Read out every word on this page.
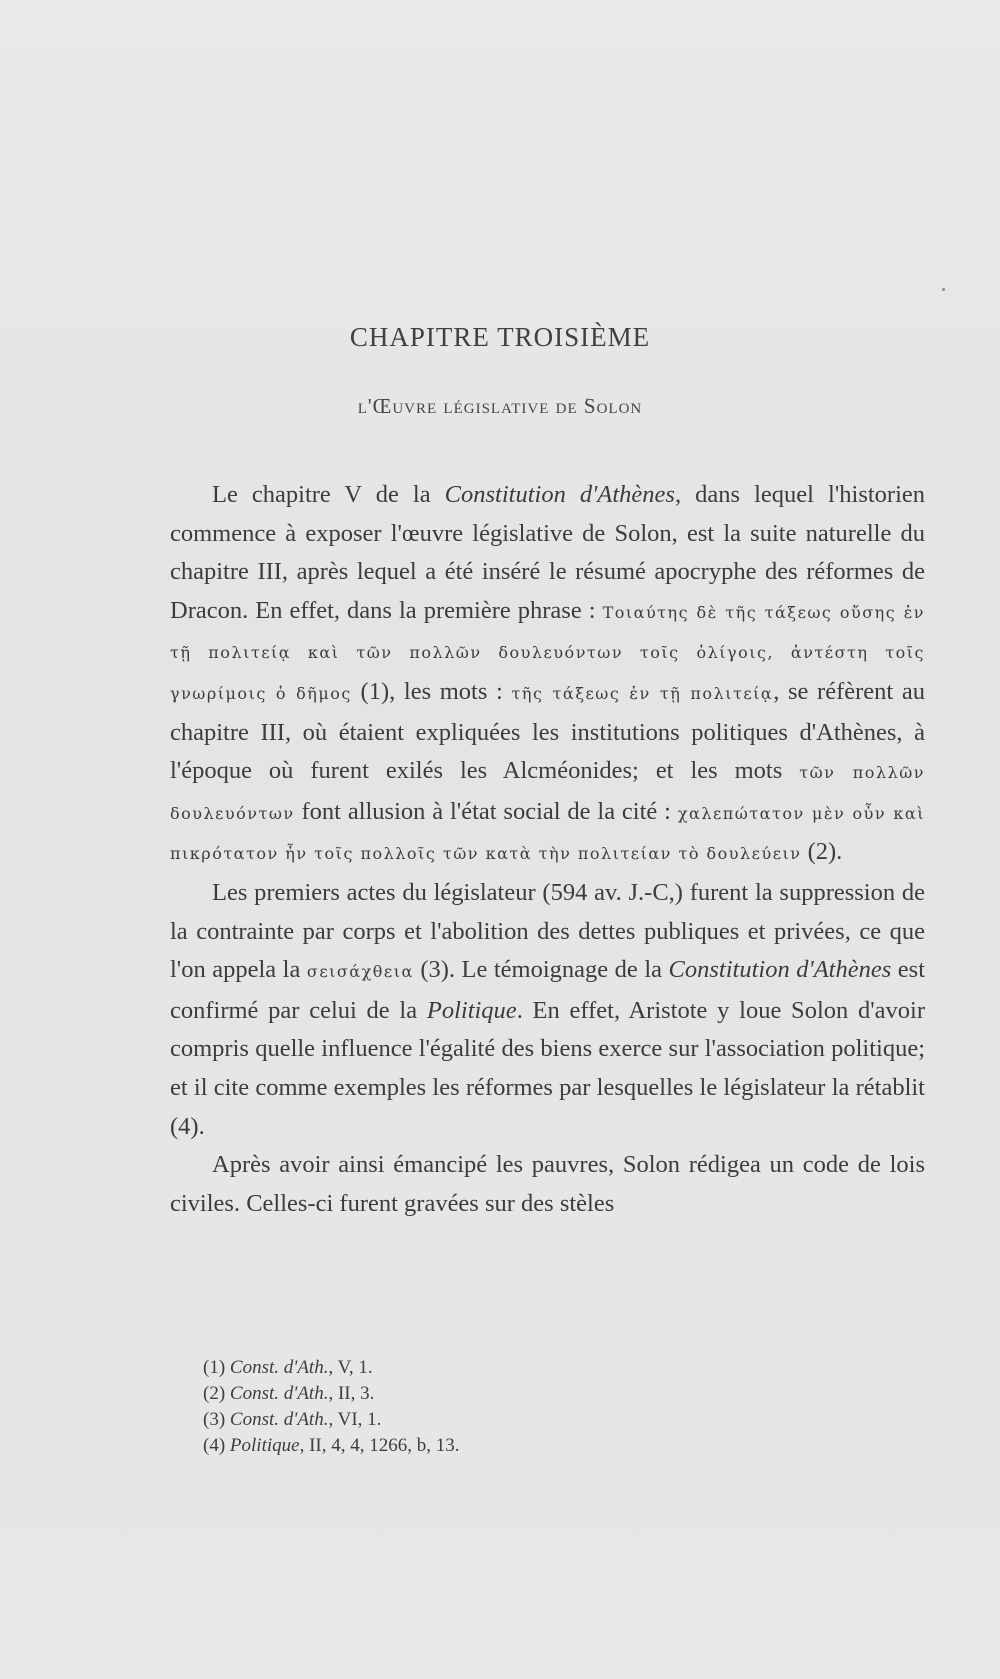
CHAPITRE TROISIÈME
l'Œuvre législative de Solon

Le chapitre V de la Constitution d'Athènes, dans lequel l'historien commence à exposer l'œuvre législative de Solon, est la suite naturelle du chapitre III, après lequel a été inséré le résumé apocryphe des réformes de Dracon. En effet, dans la première phrase : Τοιαύτης δὲ τῆς τάξεως οὔσης ἐν τῇ πολιτείᾳ καὶ τῶν πολλῶν δουλευόντων τοῖς ὀλίγοις, ἀντέστη τοῖς γνωρίμοις ὁ δῆμος (1), les mots : τῆς τάξεως ἐν τῇ πολιτείᾳ, se réfèrent au chapitre III, où étaient expliquées les institutions politiques d'Athènes, à l'époque où furent exilés les Alcméonides; et les mots τῶν πολλῶν δουλευόντων font allusion à l'état social de la cité : χαλεπώτατον μὲν οὖν καὶ πικρότατον ἦν τοῖς πολλοῖς τῶν κατὰ τὴν πολιτείαν τὸ δουλεύειν (2).

Les premiers actes du législateur (594 av. J.-C,) furent la suppression de la contrainte par corps et l'abolition des dettes publiques et privées, ce que l'on appela la σεισάχθεια (3). Le témoignage de la Constitution d'Athènes est confirmé par celui de la Politique. En effet, Aristote y loue Solon d'avoir compris quelle influence l'égalité des biens exerce sur l'association politique; et il cite comme exemples les réformes par lesquelles le législateur la rétablit (4).

Après avoir ainsi émancipé les pauvres, Solon rédigea un code de lois civiles. Celles-ci furent gravées sur des stèles

(1) Const. d'Ath., V, 1.
(2) Const. d'Ath., II, 3.
(3) Const. d'Ath., VI, 1.
(4) Politique, II, 4, 4, 1266, b, 13.
